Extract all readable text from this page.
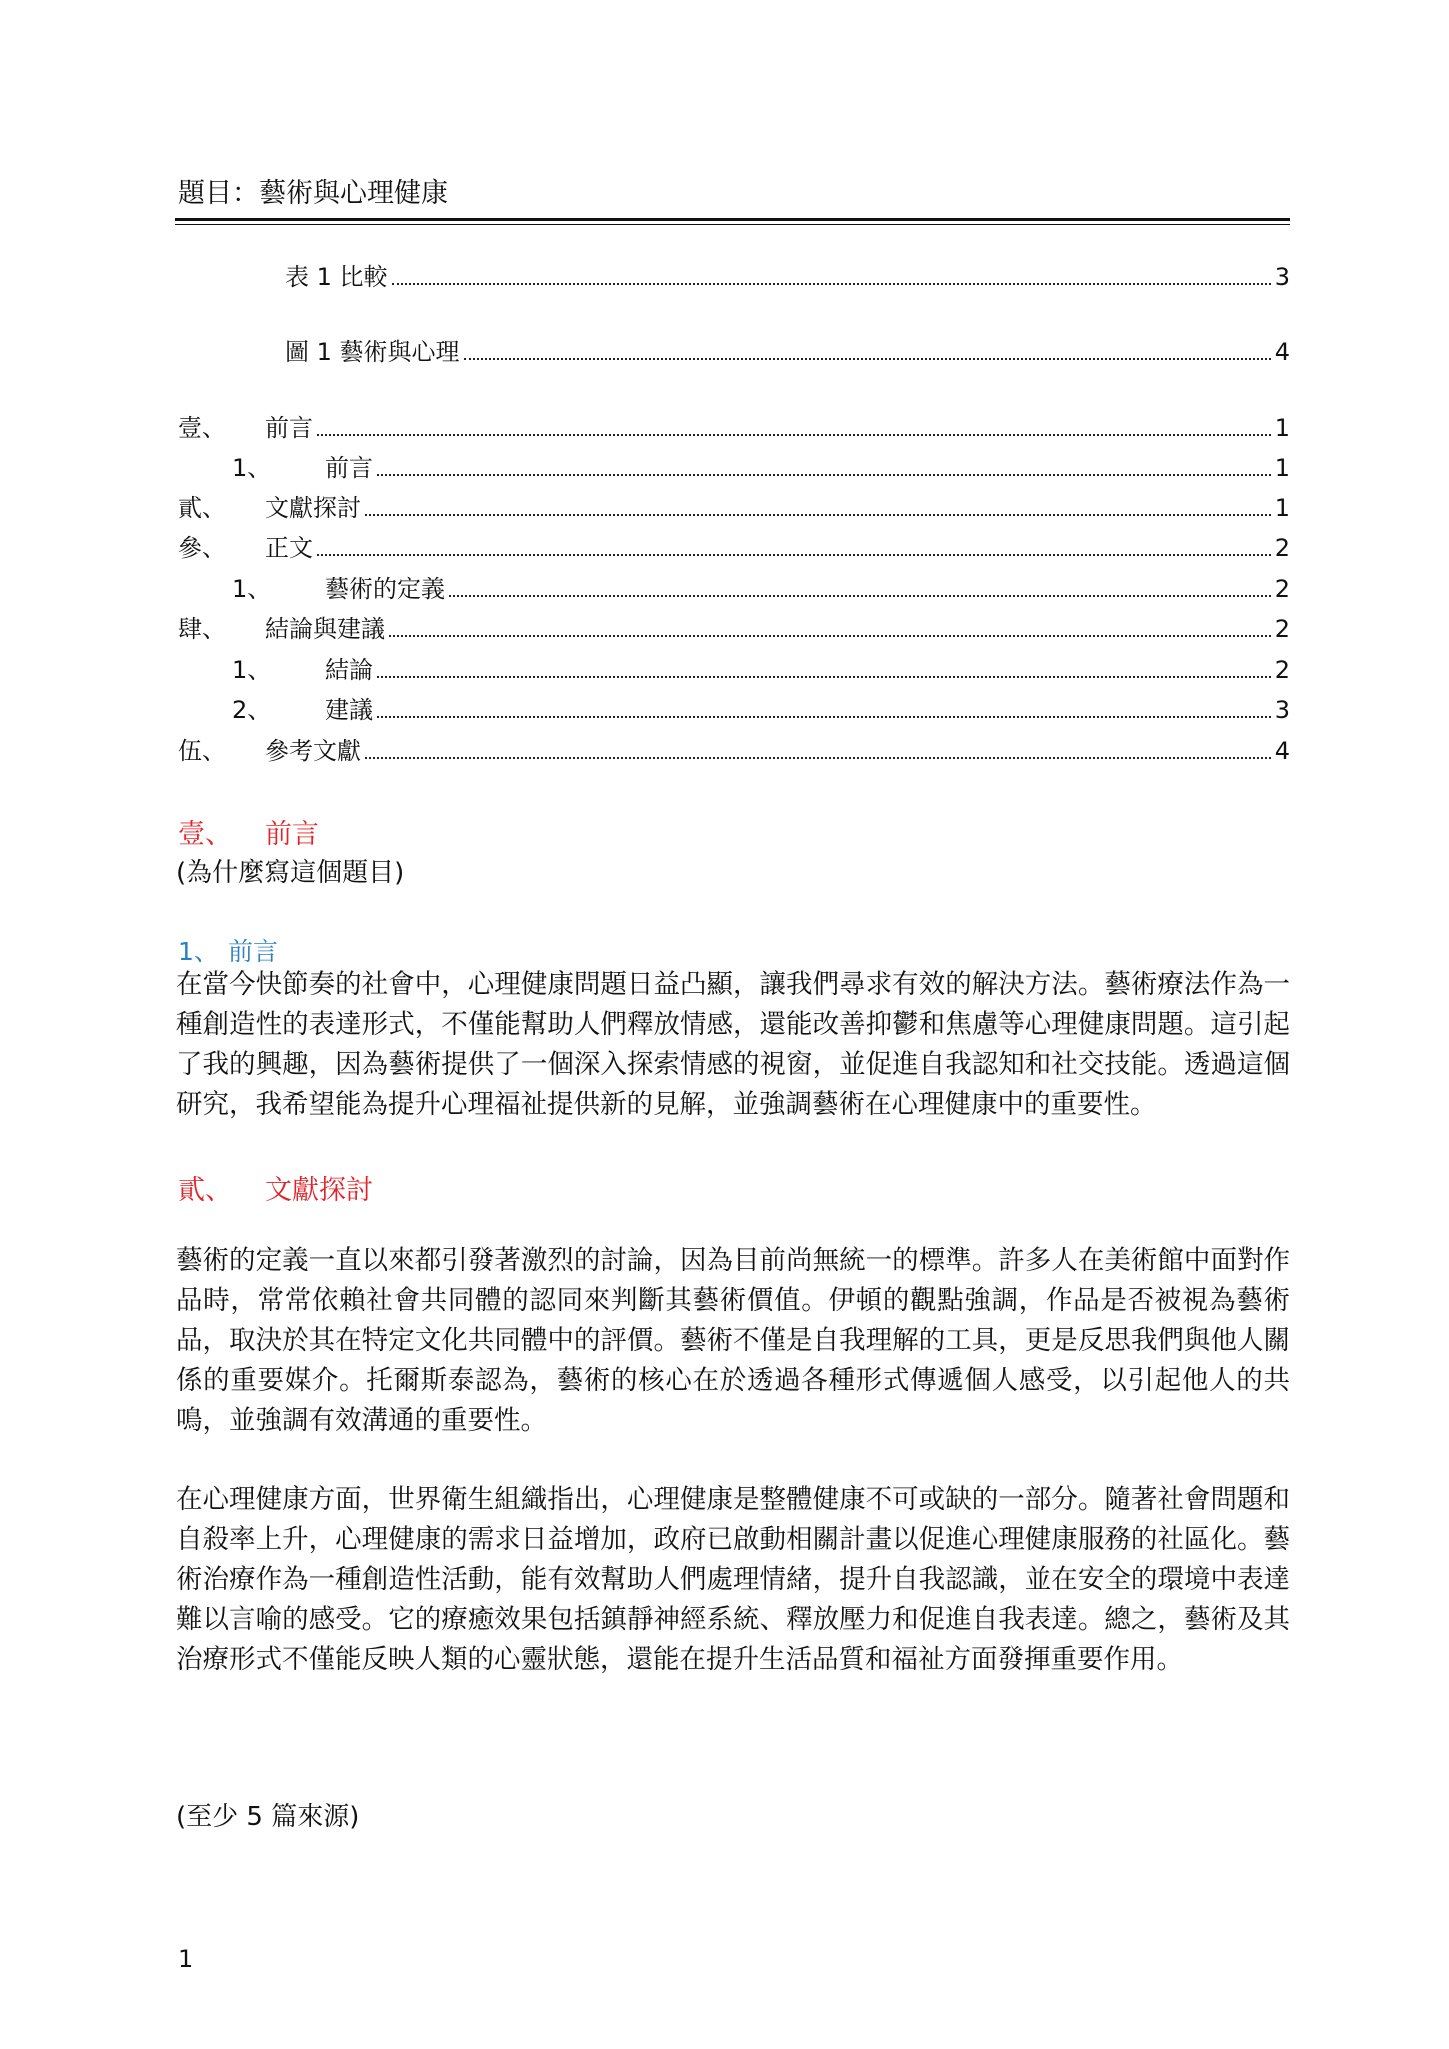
題目：藝術與心理健康
表 1 比較	3
圖 1 藝術與心理	4
壹、	前言	1
1、	前言	1
貳、	文獻探討	1
參、	正文	2
1、	藝術的定義	2
肆、	結論與建議	2
1、	結論	2
2、	建議	3
伍、	參考文獻	4
壹、 前言
(為什麼寫這個題目)
1、 前言
在當今快節奏的社會中，心理健康問題日益凸顯，讓我們尋求有效的解決方法。藝術療法作為一種創造性的表達形式，不僅能幫助人們釋放情感，還能改善抑鬱和焦慮等心理健康問題。這引起了我的興趣，因為藝術提供了一個深入探索情感的視窗，並促進自我認知和社交技能。透過這個研究，我希望能為提升心理福祉提供新的見解，並強調藝術在心理健康中的重要性。
貳、 文獻探討
藝術的定義一直以來都引發著激烈的討論，因為目前尚無統一的標準。許多人在美術館中面對作品時，常常依賴社會共同體的認同來判斷其藝術價值。伊頓的觀點強調，作品是否被視為藝術品，取決於其在特定文化共同體中的評價。藝術不僅是自我理解的工具，更是反思我們與他人關係的重要媒介。托爾斯泰認為，藝術的核心在於透過各種形式傳遞個人感受，以引起他人的共鳴，並強調有效溝通的重要性。
在心理健康方面，世界衛生組織指出，心理健康是整體健康不可或缺的一部分。隨著社會問題和自殺率上升，心理健康的需求日益增加，政府已啟動相關計畫以促進心理健康服務的社區化。藝術治療作為一種創造性活動，能有效幫助人們處理情緒，提升自我認識，並在安全的環境中表達難以言喻的感受。它的療癒效果包括鎮靜神經系統、釋放壓力和促進自我表達。總之，藝術及其治療形式不僅能反映人類的心靈狀態，還能在提升生活品質和福祉方面發揮重要作用。
(至少 5 篇來源)
1
